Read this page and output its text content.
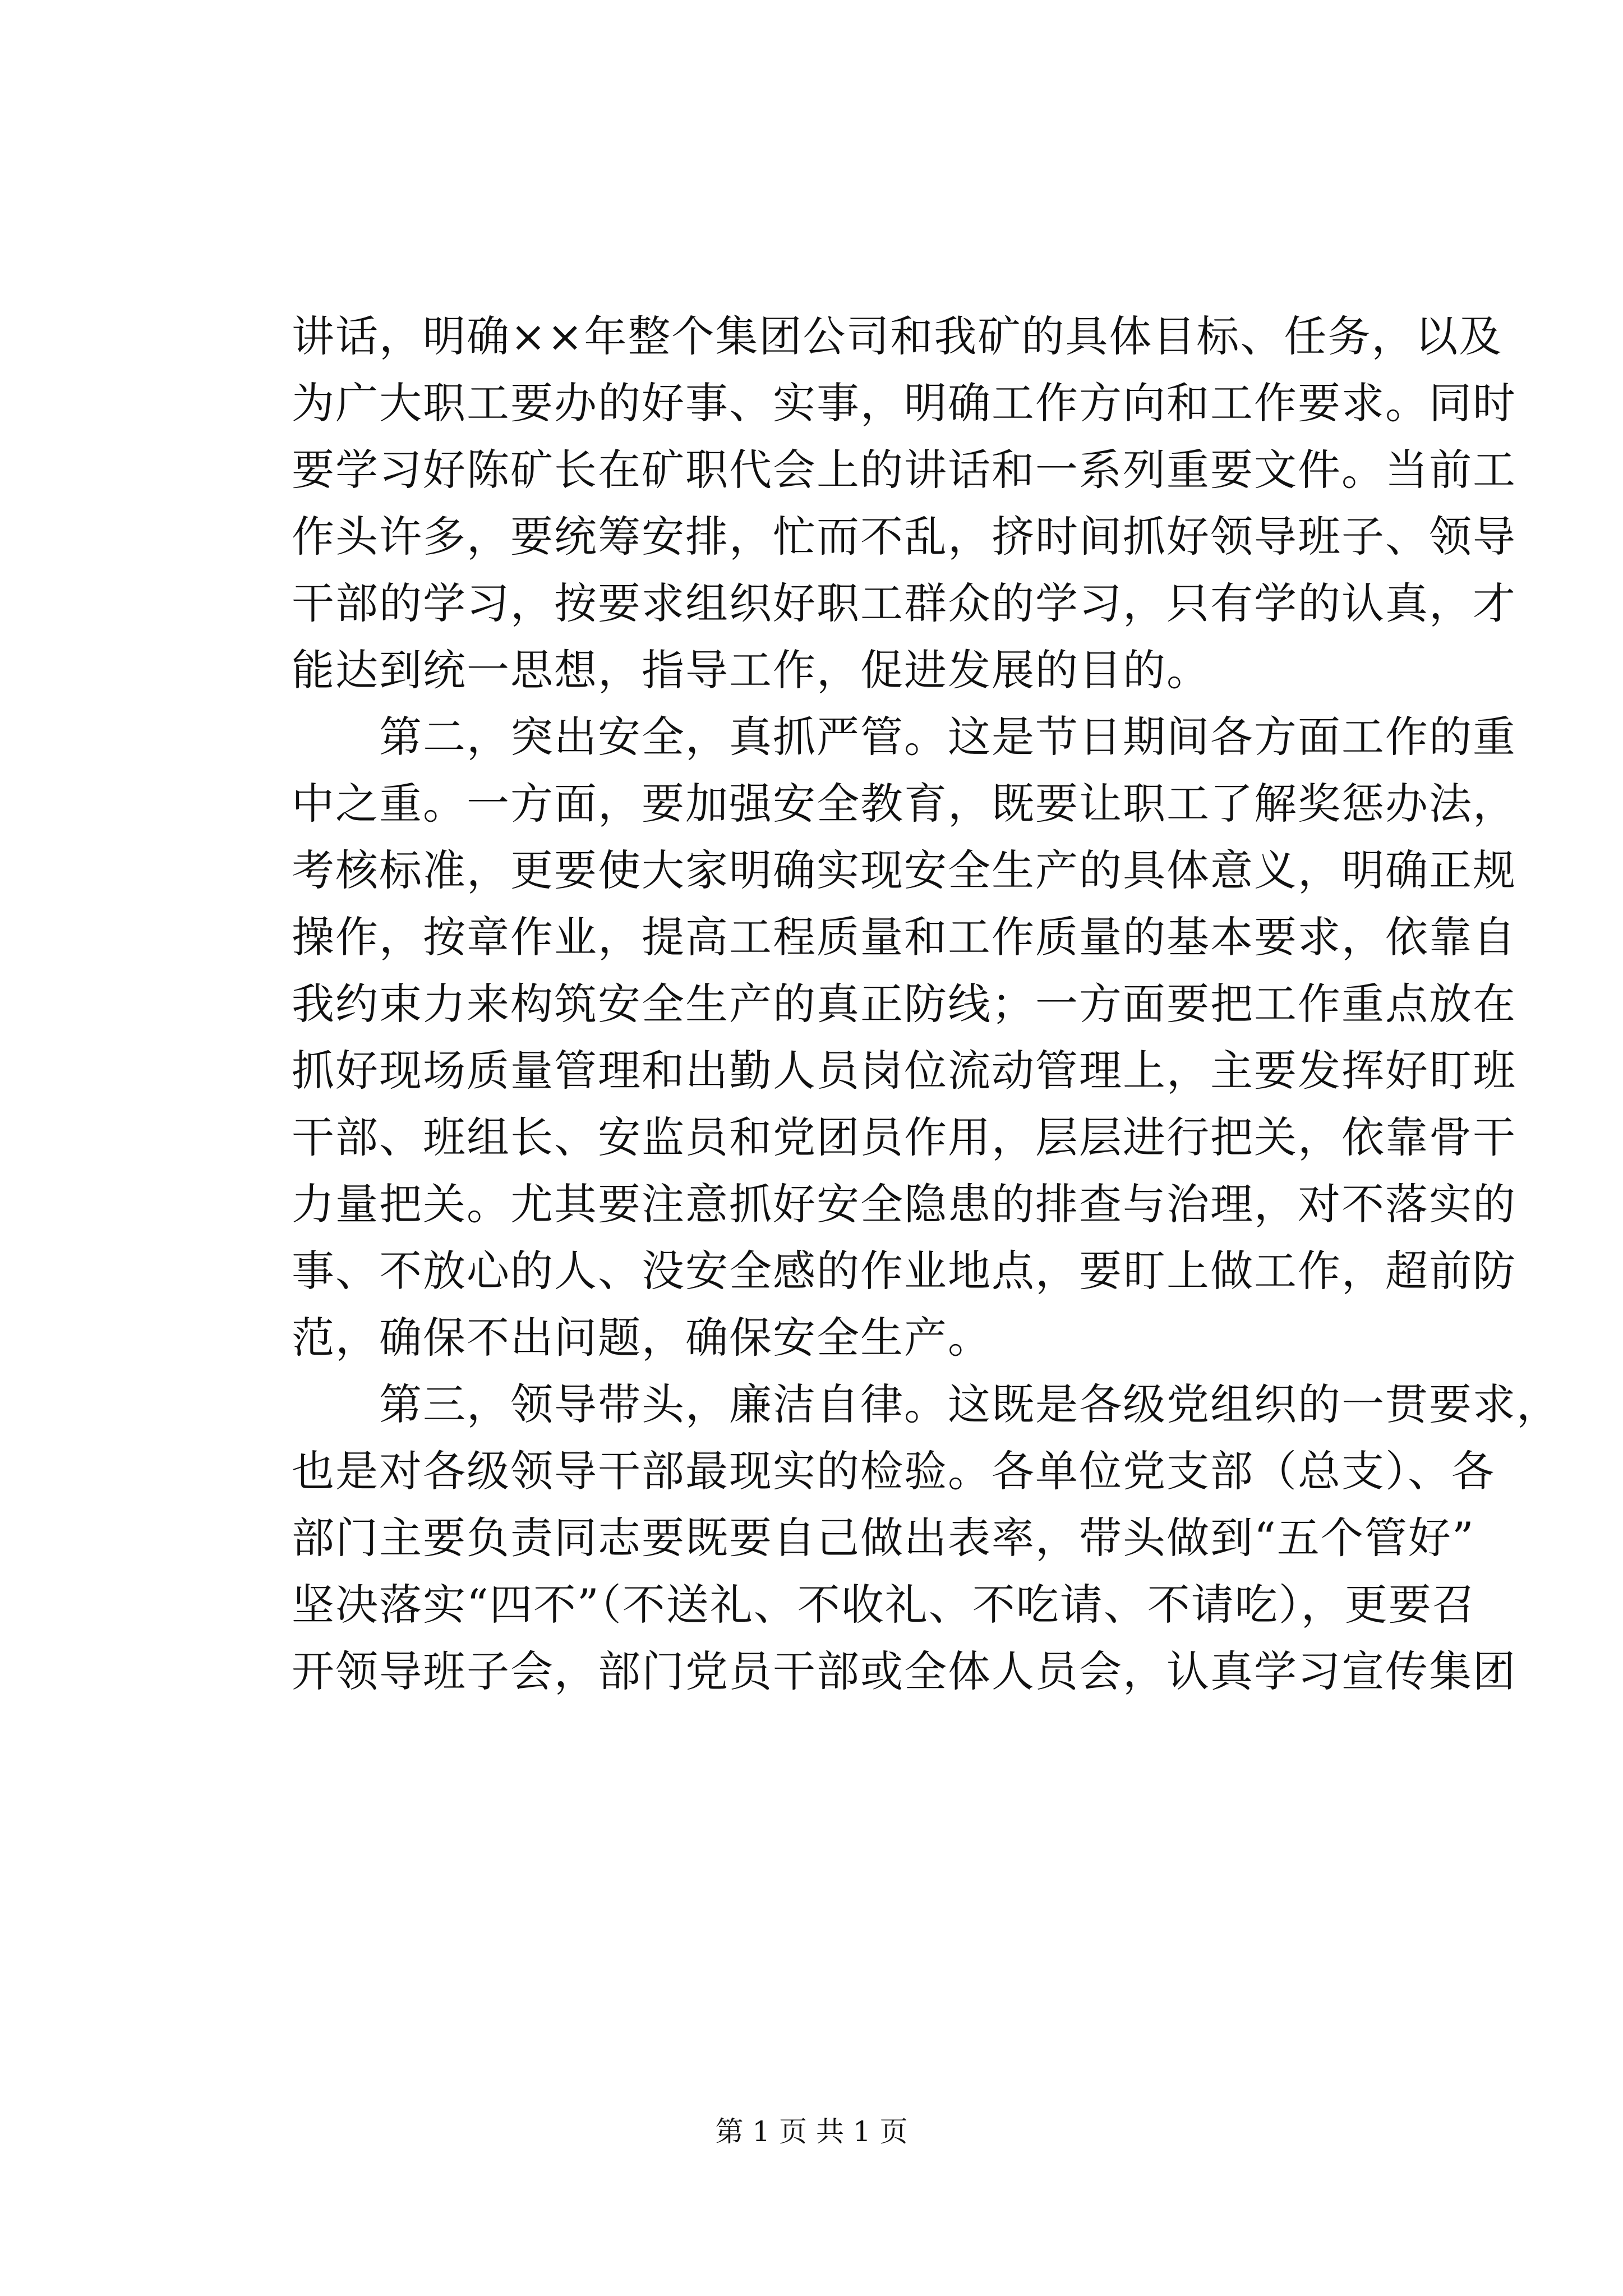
讲话，明确××年整个集团公司和我矿的具体目标、任务，以及
为广大职工要办的好事、实事，明确工作方向和工作要求。同时
要学习好陈矿长在矿职代会上的讲话和一系列重要文件。当前工
作头许多，要统筹安排，忙而不乱，挤时间抓好领导班子、领导
干部的学习，按要求组织好职工群众的学习，只有学的认真，才
能达到统一思想，指导工作，促进发展的目的。
　　第二，突出安全，真抓严管。这是节日期间各方面工作的重
中之重。一方面，要加强安全教育，既要让职工了解奖惩办法，
考核标准，更要使大家明确实现安全生产的具体意义，明确正规
操作，按章作业，提高工程质量和工作质量的基本要求，依靠自
我约束力来构筑安全生产的真正防线；一方面要把工作重点放在
抓好现场质量管理和出勤人员岗位流动管理上，主要发挥好盯班
干部、班组长、安监员和党团员作用，层层进行把关，依靠骨干
力量把关。尤其要注意抓好安全隐患的排查与治理，对不落实的
事、不放心的人、没安全感的作业地点，要盯上做工作，超前防
范，确保不出问题，确保安全生产。
　　第三，领导带头，廉洁自律。这既是各级党组织的一贯要求，
也是对各级领导干部最现实的检验。各单位党支部（总支）、各
部门主要负责同志要既要自己做出表率，带头做到“五个管好”
坚决落实“四不”（不送礼、不收礼、不吃请、不请吃），更要召
开领导班子会，部门党员干部或全体人员会，认真学习宣传集团
第 1 页 共 1 页
